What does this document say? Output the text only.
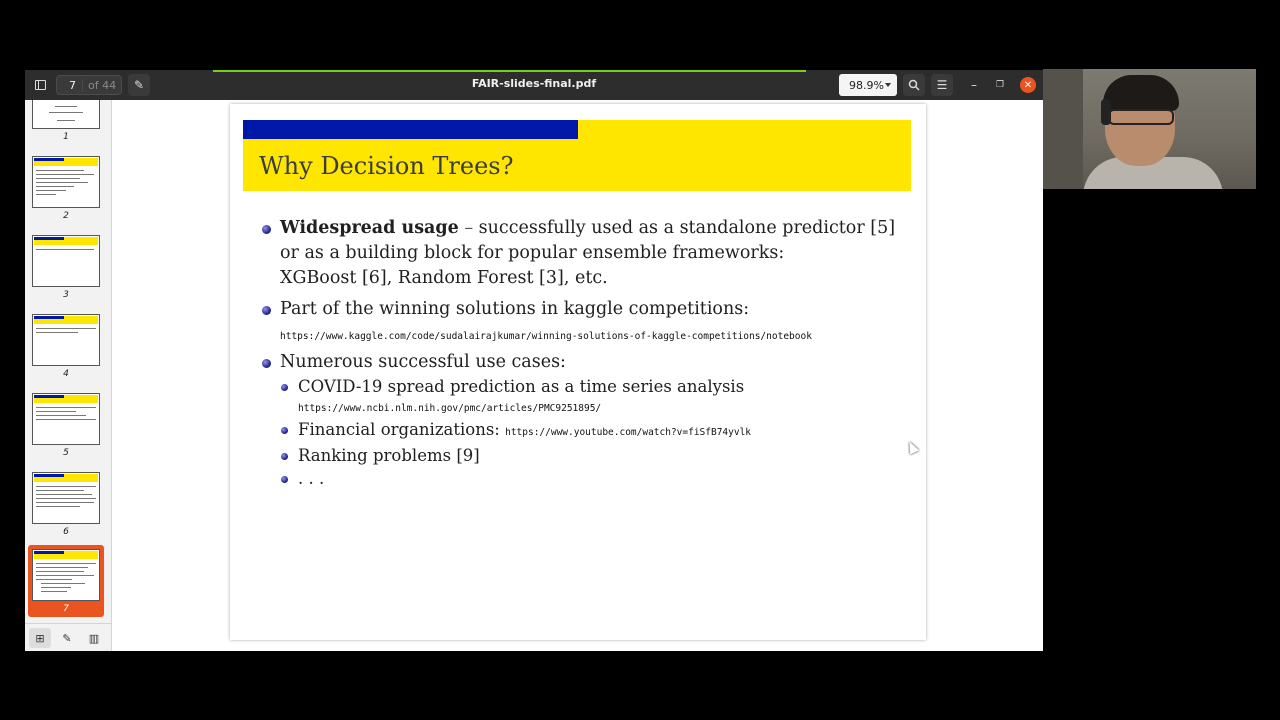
7	of 44 ✎	FAIR-slides-final.pdf	98.9%	☰ – ❐ ✕
1
2
3
4
5
6
7
⊞ ✎ ▥
Why Decision Trees?
Widespread usage – successfully used as a standalone predictor [5]
or as a building block for popular ensemble frameworks:
XGBoost [6], Random Forest [3], etc.
Part of the winning solutions in kaggle competitions:
https://www.kaggle.com/code/sudalairajkumar/winning-solutions-of-kaggle-competitions/notebook
Numerous successful use cases:
COVID-19 spread prediction as a time series analysis
https://www.ncbi.nlm.nih.gov/pmc/articles/PMC9251895/
Financial organizations: https://www.youtube.com/watch?v=fiSfB74yvlk
Ranking problems [9]
. . .
